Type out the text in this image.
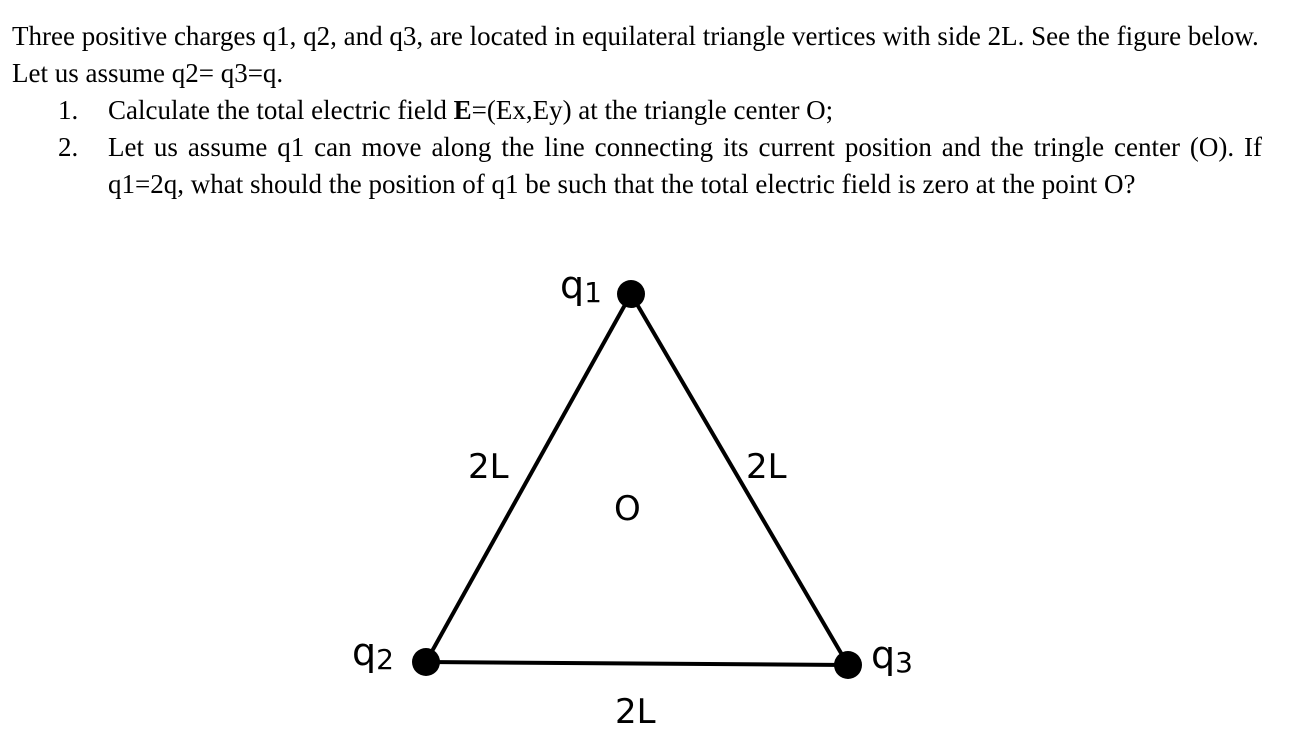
Three positive charges q1, q2, and q3, are located in equilateral triangle vertices with side 2L. See the figure below. Let us assume q2= q3=q.

1. Calculate the total electric field E=(Ex,Ey) at the triangle center O;
2. Let us assume q1 can move along the line connecting its current position and the tringle center (O). If q1=2q, what should the position of q1 be such that the total electric field is zero at the point O?
q1
q2	q3
2L	2L
2L
O
